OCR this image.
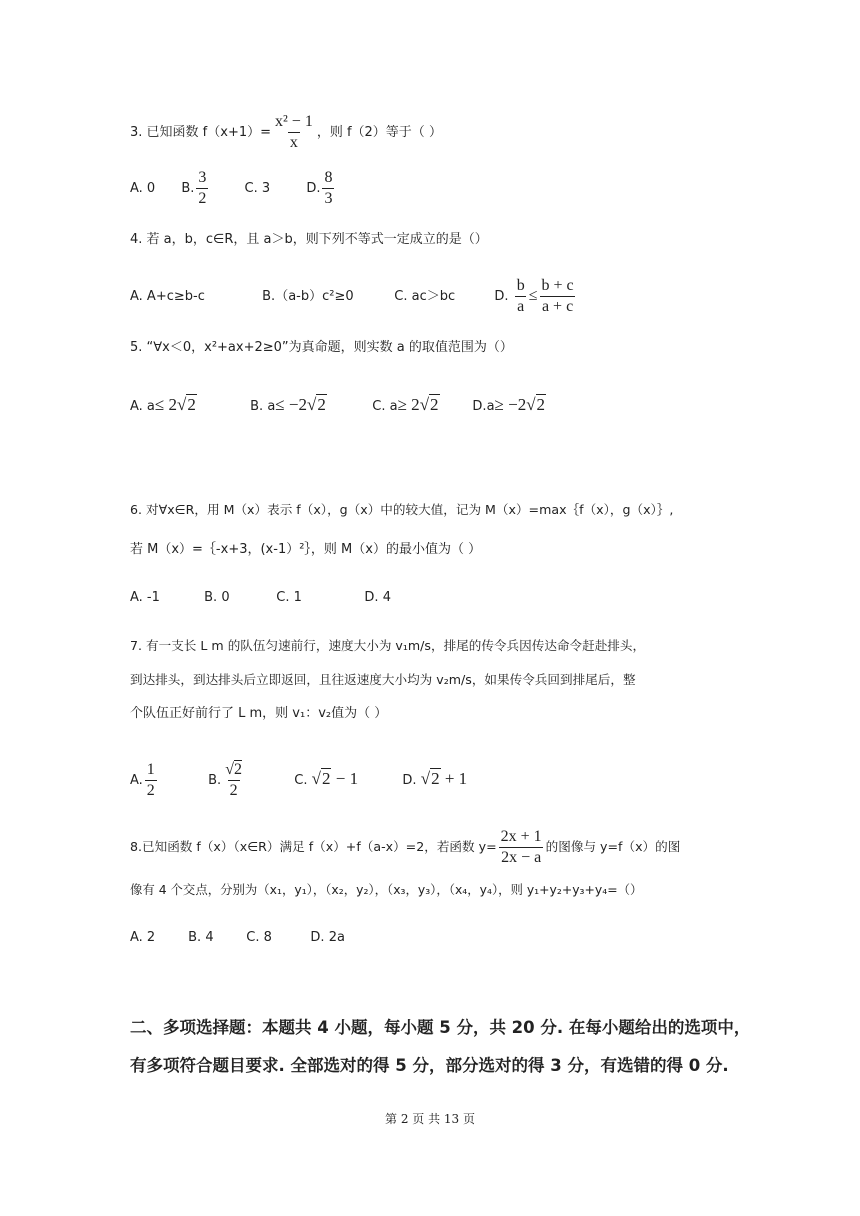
3. 已知函数 $f(x+1)= \frac{\text{x² − 1}}{x}$ ，则 f（2）等于（ ）
A. 0 B. $\frac{3}{2}$	C. 3	D. $\frac{8}{3}$
4. 若 a，b，c∈R，且 a＞b，则下列不等式一定成立的是（）
A. A+c≥b-c	B.（a-b）c²≥0	C. ac＞bc	D. $\frac{b}{a} \le \frac{b + c}{a + c}$
5. “∀x＜0，x²+ax+2≥0”为真命题，则实数 a 的取值范围为（）
A. a≤ 2√2	B. a≤ −2√2	C. a≥ 2√2	D.a≥ −2√2
6. 对∀x∈R，用 M（x）表示 f（x），g（x）中的较大值，记为 M（x）=max｛f（x），g（x）｝,
若 M（x）=｛-x+3，(x-1）²｝，则 M（x）的最小值为（ ）
A. -1	B. 0	C. 1	D. 4
7. 有一支长 L m 的队伍匀速前行，速度大小为 v₁m/s，排尾的传令兵因传达命令赶赴排头，
到达排头，到达排头后立即返回，且往返速度大小均为 v₂m/s，如果传令兵回到排尾后，整
个队伍正好前行了 L m，则 v₁：v₂值为（ ）
A. $\frac{1}{2}$	B. $\frac{√2}{2}$	C. √2 − 1	D. √2 + 1
8.已知函数 f（x）（x∈R）满足 f（x）+f（a-x）=2，若函数 $y= \frac{2x + 1}{2x - a}$ 的图像与 y=f（x）的图
像有 4 个交点，分别为（x₁，y₁），（x₂，y₂），（x₃，y₃），（x₄，y₄），则 y₁+y₂+y₃+y₄=（）
A. 2	B. 4	C. 8	D. 2a
二、多项选择题：本题共 4 小题，每小题 5 分，共 20 分. 在每小题给出的选项中，
有多项符合题目要求. 全部选对的得 5 分，部分选对的得 3 分，有选错的得 0 分.
第 2 页 共 13 页
